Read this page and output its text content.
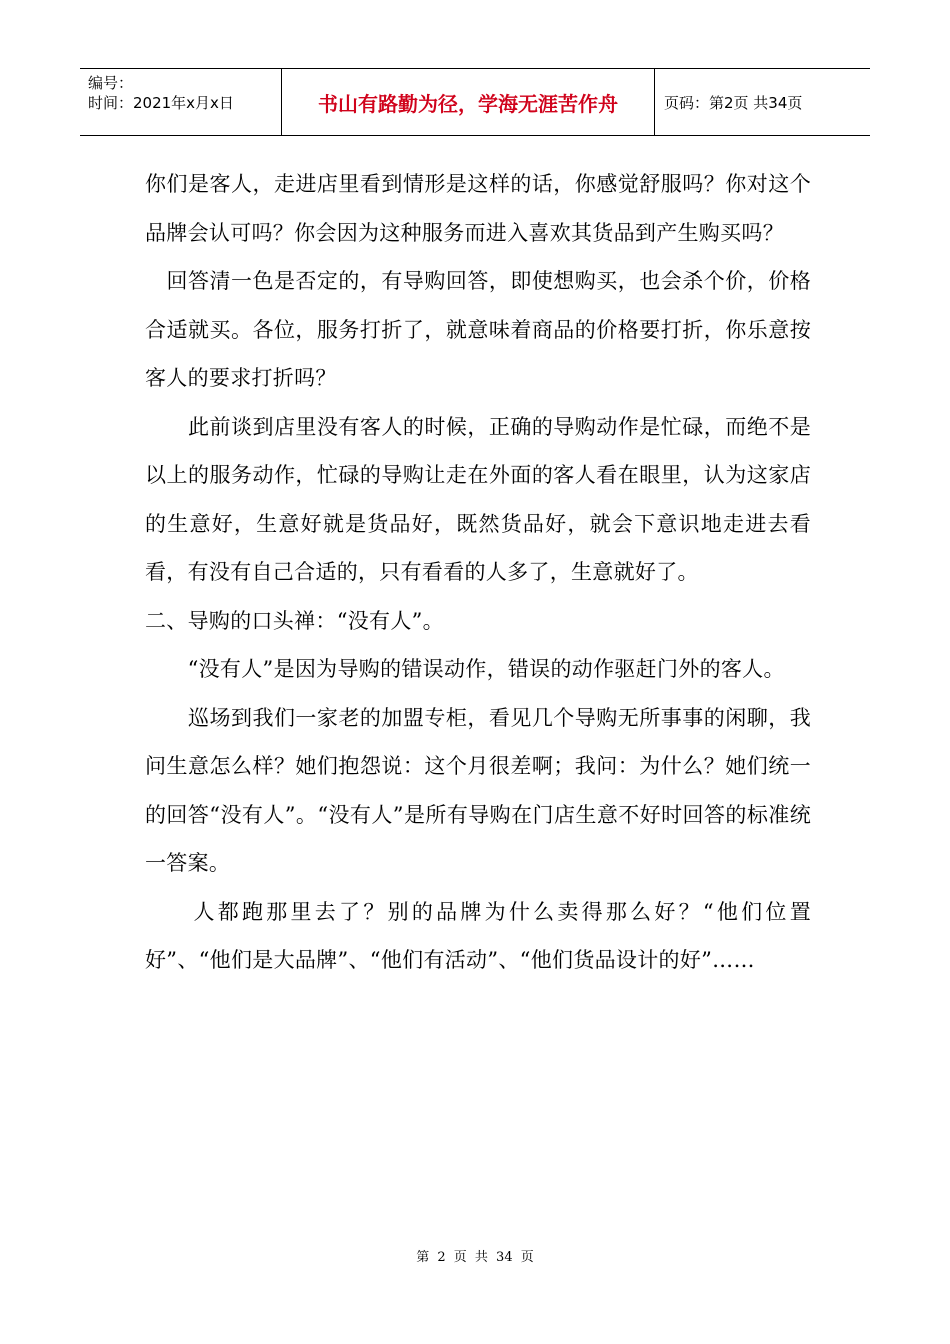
编号：
时间：2021年x月x日	书山有路勤为径，学海无涯苦作舟	页码：第2页 共34页

你们是客人，走进店里看到情形是这样的话，你感觉舒服吗？你对这个品牌会认可吗？你会因为这种服务而进入喜欢其货品到产生购买吗？

　回答清一色是否定的，有导购回答，即使想购买，也会杀个价，价格合适就买。各位，服务打折了，就意味着商品的价格要打折，你乐意按客人的要求打折吗？

　　此前谈到店里没有客人的时候，正确的导购动作是忙碌，而绝不是以上的服务动作，忙碌的导购让走在外面的客人看在眼里，认为这家店的生意好，生意好就是货品好，既然货品好，就会下意识地走进去看看，有没有自己合适的，只有看看的人多了，生意就好了。

二、导购的口头禅：“没有人”。

　　“没有人”是因为导购的错误动作，错误的动作驱赶门外的客人。

　　巡场到我们一家老的加盟专柜，看见几个导购无所事事的闲聊，我问生意怎么样？她们抱怨说：这个月很差啊；我问：为什么？她们统一的回答“没有人”。“没有人”是所有导购在门店生意不好时回答的标准统一答案。

　　人都跑那里去了？别的品牌为什么卖得那么好？“他们位置好”、“他们是大品牌”、“他们有活动”、“他们货品设计的好”……

第 2 页 共 34 页
